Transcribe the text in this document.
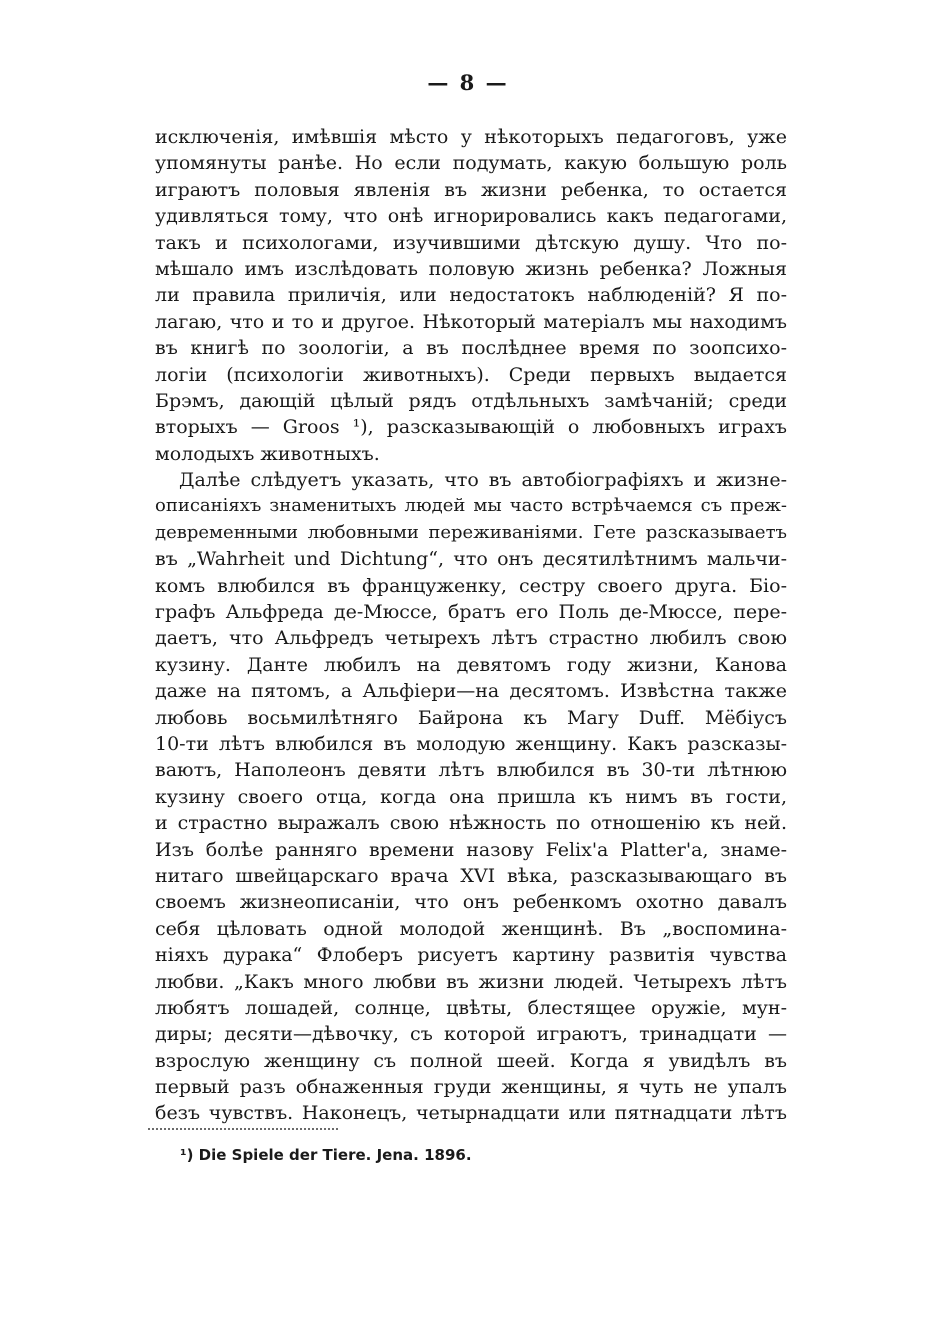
— 8 —
исключенія, имѣвшія мѣсто у нѣкоторыхъ педагоговъ, уже
упомянуты ранѣе. Но если подумать, какую большую роль
играютъ половыя явленія въ жизни ребенка, то остается
удивляться тому, что онѣ игнорировались какъ педагогами,
такъ и психологами, изучившими дѣтскую душу. Что по-
мѣшало имъ изслѣдовать половую жизнь ребенка? Ложныя
ли правила приличія, или недостатокъ наблюденій? Я по-
лагаю, что и то и другое. Нѣкоторый матеріалъ мы находимъ
въ книгѣ по зоологіи, а въ послѣднее время по зоопсихо-
логіи (психологіи животныхъ). Среди первыхъ выдается
Брэмъ, дающій цѣлый рядъ отдѣльныхъ замѣчаній; среди
вторыхъ — Groos ¹), разсказывающій о любовныхъ играхъ
молодыхъ животныхъ.
Далѣе слѣдуетъ указать, что въ автобіографіяхъ и жизне-
описаніяхъ знаменитыхъ людей мы часто встрѣчаемся съ преж-
девременными любовными переживаніями. Гете разсказываетъ
въ „Wahrheit und Dichtung“, что онъ десятилѣтнимъ мальчи-
комъ влюбился въ француженку, сестру своего друга. Біо-
графъ Альфреда де-Мюссе, братъ его Поль де-Мюссе, пере-
даетъ, что Альфредъ четырехъ лѣтъ страстно любилъ свою
кузину. Данте любилъ на девятомъ году жизни, Канова
даже на пятомъ, а Альфіери—на десятомъ. Извѣстна также
любовь восьмилѣтняго Байрона къ Магу Duff. Мёбіусъ
10-ти лѣтъ влюбился въ молодую женщину. Какъ разсказы-
ваютъ, Наполеонъ девяти лѣтъ влюбился въ 30-ти лѣтнюю
кузину своего отца, когда она пришла къ нимъ въ гости,
и страстно выражалъ свою нѣжность по отношенію къ ней.
Изъ болѣе ранняго времени назову Felix'а Platter'а, знаме-
нитаго швейцарскаго врача XVI вѣка, разсказывающаго въ
своемъ жизнеописаніи, что онъ ребенкомъ охотно давалъ
себя цѣловать одной молодой женщинѣ. Въ „воспомина-
ніяхъ дурака“ Флоберъ рисуетъ картину развитія чувства
любви. „Какъ много любви въ жизни людей. Четырехъ лѣтъ
любятъ лошадей, солнце, цвѣты, блестящее оружіе, мун-
диры; десяти—дѣвочку, съ которой играютъ, тринадцати —
взрослую женщину съ полной шеей. Когда я увидѣлъ въ
первый разъ обнаженныя груди женщины, я чуть не упалъ
безъ чувствъ. Наконецъ, четырнадцати или пятнадцати лѣтъ
¹) Die Spiele der Tiere. Jena. 1896.
